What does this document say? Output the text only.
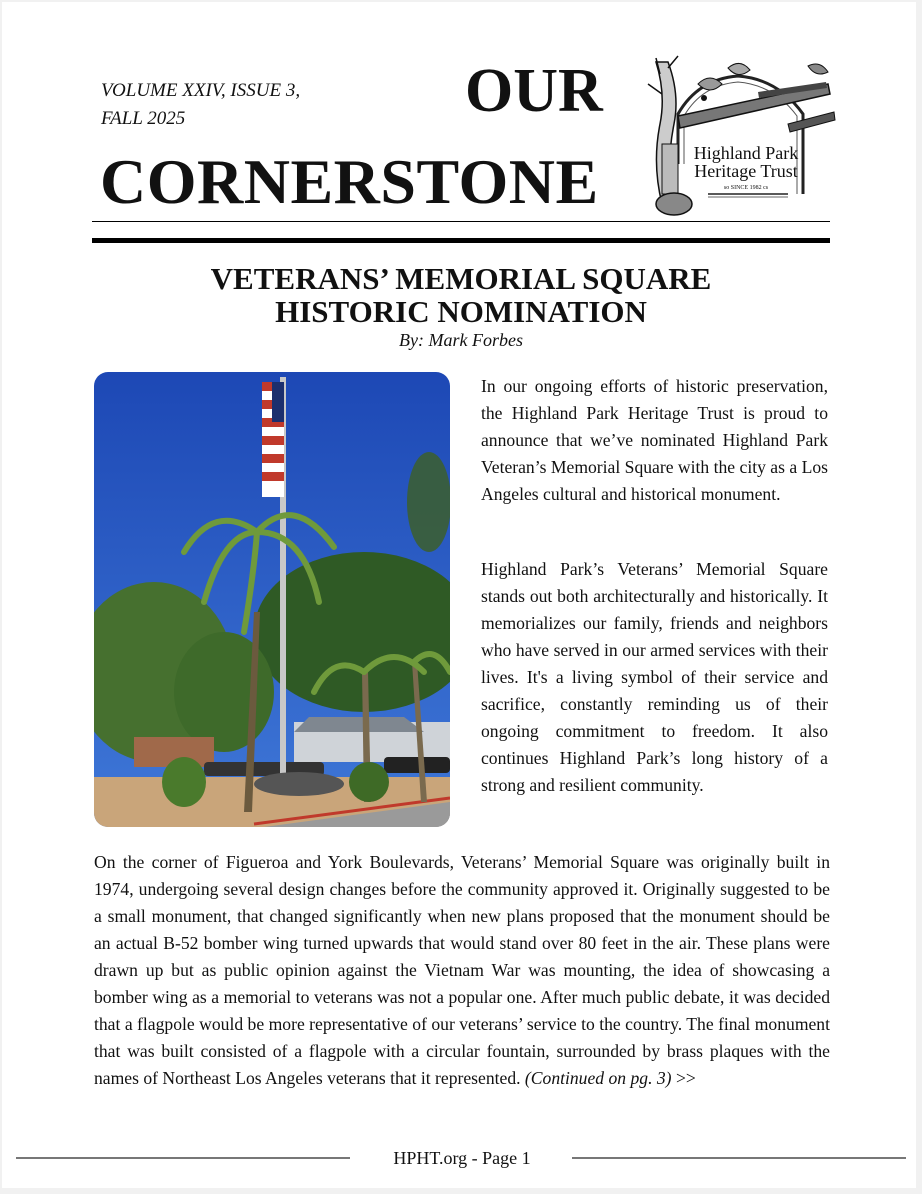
VOLUME XXIV, ISSUE 3,
FALL 2025	OUR
CORNERSTONE	Highland Park
Heritage Trust
so SINCE 1982 cs
VETERANS’ MEMORIAL SQUARE
HISTORIC NOMINATION
By: Mark Forbes
In our ongoing efforts of historic preservation, the Highland Park Heritage Trust is proud to announce that we’ve nominated Highland Park Veteran’s Memorial Square with the city as a Los Angeles cultural and historical monument.
Highland Park’s Veterans’ Memorial Square stands out both architecturally and historically. It memorializes our family, friends and neighbors who have served in our armed services with their lives. It's a living symbol of their service and sacrifice, constantly reminding us of their ongoing commitment to freedom. It also continues Highland Park’s long history of a strong and resilient community.
On the corner of Figueroa and York Boulevards, Veterans’ Memorial Square was originally built in 1974, undergoing several design changes before the community approved it. Originally suggested to be a small monument, that changed significantly when new plans proposed that the monument should be an actual B-52 bomber wing turned upwards that would stand over 80 feet in the air. These plans were drawn up but as public opinion against the Vietnam War was mounting, the idea of showcasing a bomber wing as a memorial to veterans was not a popular one. After much public debate, it was decided that a flagpole would be more representative of our veterans’ service to the country. The final monument that was built consisted of a flagpole with a circular fountain, surrounded by brass plaques with the names of Northeast Los Angeles veterans that it represented. (Continued on pg. 3) >>
HPHT.org - Page 1
